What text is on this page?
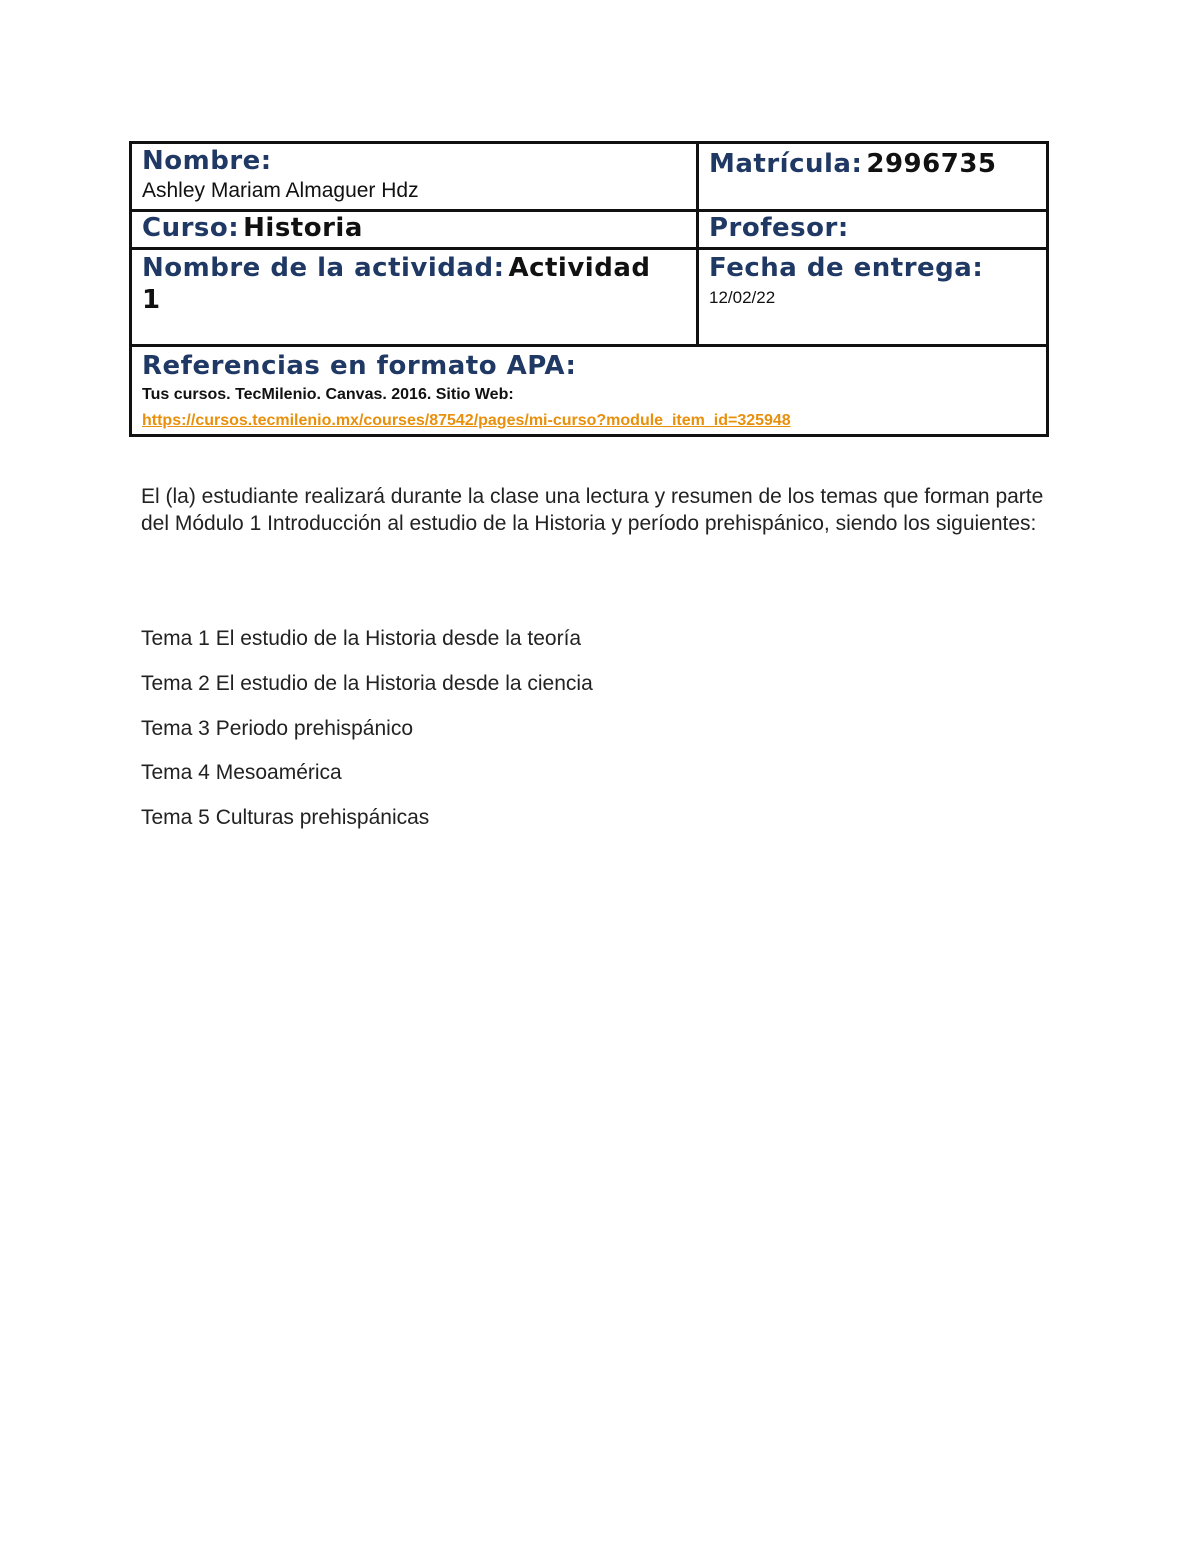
Nombre:
Ashley Mariam Almaguer Hdz
Matrícula: 2996735
Curso: Historia	Profesor:
Nombre de la actividad: Actividad 1
Fecha de entrega:
12/02/22
Referencias en formato APA:
Tus cursos. TecMilenio. Canvas. 2016. Sitio Web:
https://cursos.tecmilenio.mx/courses/87542/pages/mi-curso?module_item_id=325948
El (la) estudiante realizará durante la clase una lectura y resumen de los temas que forman parte del Módulo 1 Introducción al estudio de la Historia y período prehispánico, siendo los siguientes:
Tema 1 El estudio de la Historia desde la teoría
Tema 2 El estudio de la Historia desde la ciencia
Tema 3 Periodo prehispánico
Tema 4 Mesoamérica
Tema 5 Culturas prehispánicas
